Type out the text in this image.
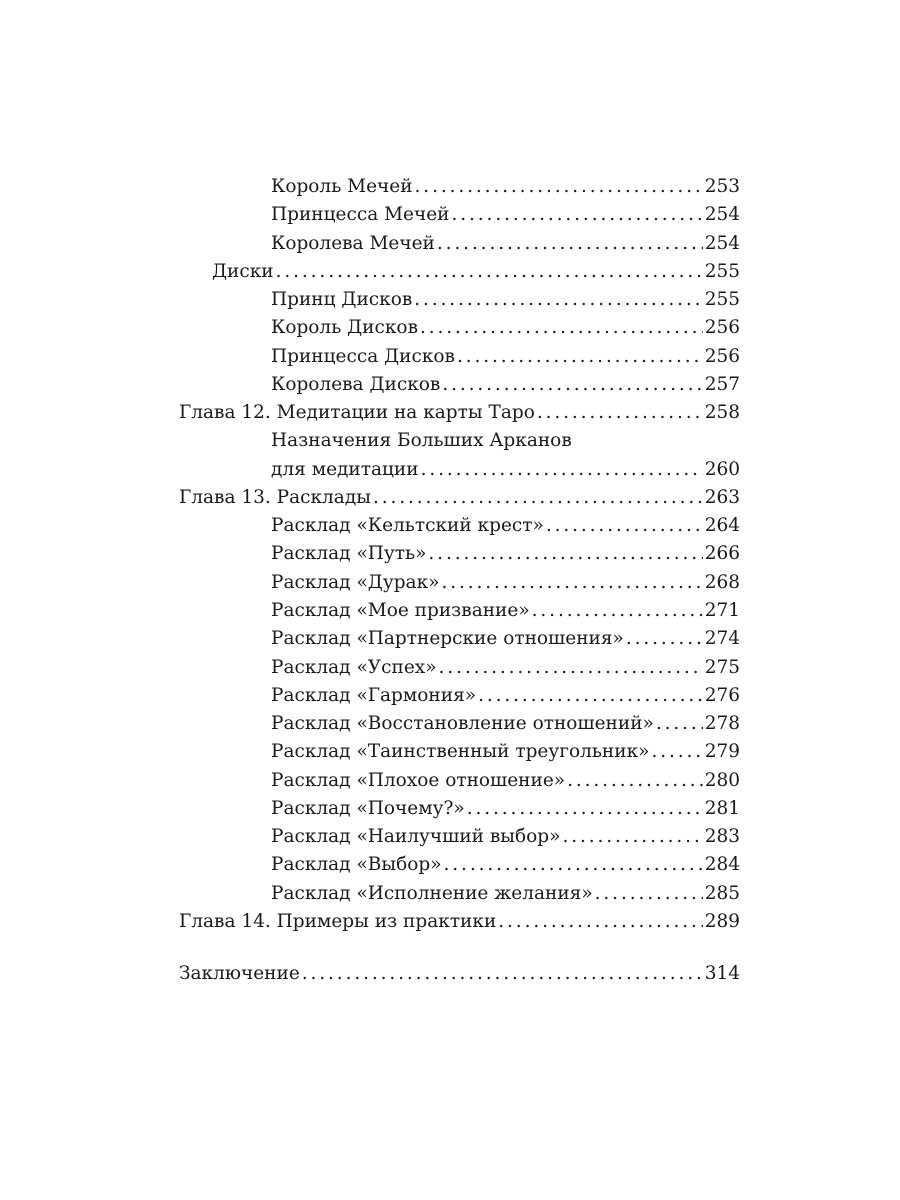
Король Мечей . . .	253
Принцесса Мечей . . .	254
Королева Мечей . . .	254
Диски . . .	255
Принц Дисков . . .	255
Король Дисков . . .	256
Принцесса Дисков . . .	256
Королева Дисков . . .	257
Глава 12. Медитации на карты Таро . . .	258
Назначения Больших Арканов
для медитации . . .	260
Глава 13. Расклады . . .	263
Расклад «Кельтский крест» . . .	264
Расклад «Путь» . . .	266
Расклад «Дурак» . . .	268
Расклад «Мое призвание» . . .	271
Расклад «Партнерские отношения» . . .	274
Расклад «Успех» . . .	275
Расклад «Гармония» . . .	276
Расклад «Восстановление отношений» . . .	278
Расклад «Таинственный треугольник» . . .	279
Расклад «Плохое отношение» . . .	280
Расклад «Почему?» . . .	281
Расклад «Наилучший выбор» . . .	283
Расклад «Выбор» . . .	284
Расклад «Исполнение желания» . . .	285
Глава 14. Примеры из практики . . .	289
Заключение . . .	314
